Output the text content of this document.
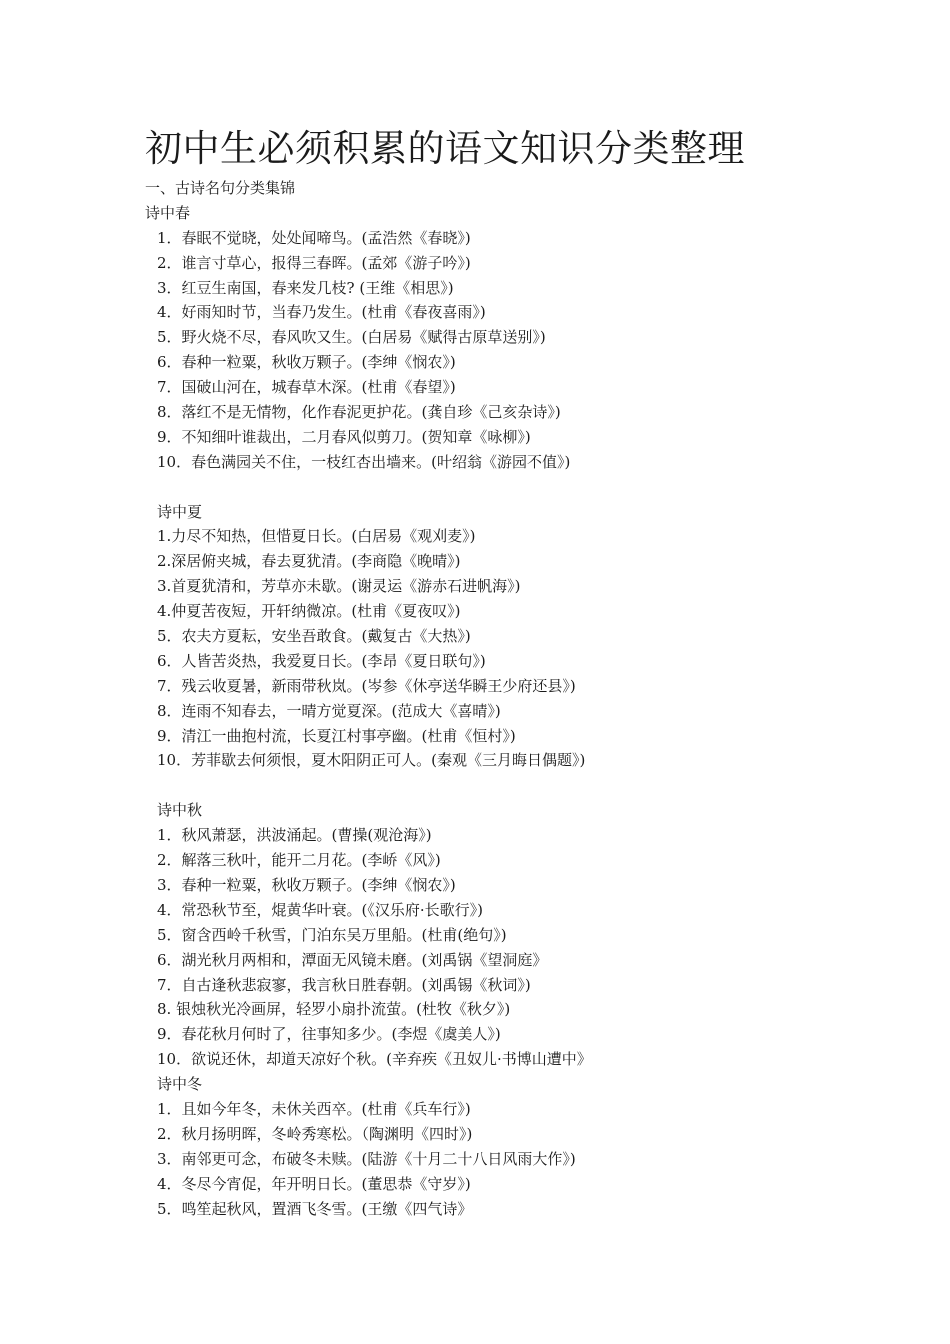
初中生必须积累的语文知识分类整理
一、古诗名句分类集锦
诗中春
1．春眠不觉晓，处处闻啼鸟。(孟浩然《春晓》)
2．谁言寸草心，报得三春晖。(孟郊《游子吟》)
3．红豆生南国，春来发几枝? (王维《相思》)
4．好雨知时节，当春乃发生。(杜甫《春夜喜雨》)
5．野火烧不尽，春风吹又生。(白居易《赋得古原草送别》)
6．春种一粒粟，秋收万颗子。(李绅《悯农》)
7．国破山河在，城春草木深。(杜甫《春望》)
8．落红不是无情物，化作春泥更护花。(龚自珍《己亥杂诗》)
9．不知细叶谁裁出，二月春风似剪刀。(贺知章《咏柳》)
10．春色满园关不住，一枝红杏出墙来。(叶绍翁《游园不值》)
诗中夏
1.力尽不知热，但惜夏日长。(白居易《观刈麦》)
2.深居俯夹城，春去夏犹清。(李商隐《晚晴》)
3.首夏犹清和，芳草亦未歇。(谢灵运《游赤石进帆海》)
4.仲夏苦夜短，开轩纳微凉。(杜甫《夏夜叹》)
5．农夫方夏耘，安坐吾敢食。(戴复古《大热》)
6．人皆苦炎热，我爱夏日长。(李昂《夏日联句》)
7．残云收夏暑，新雨带秋岚。(岑参《休亭送华瞬王少府还县》)
8．连雨不知春去，一晴方觉夏深。(范成大《喜晴》)
9．清江一曲抱村流，长夏江村事亭幽。(杜甫《恒村》)
10．芳菲歇去何须恨，夏木阳阴正可人。(秦观《三月晦日偶题》)
诗中秋
1．秋风萧瑟，洪波涌起。(曹操(观沧海》)
2．解落三秋叶，能开二月花。(李峤《风》)
3．春种一粒粟，秋收万颗子。(李绅《悯农》)
4．常恐秋节至，焜黄华叶衰。(《汉乐府·长歌行》)
5．窗含西岭千秋雪，门泊东吴万里船。(杜甫(绝句》)
6．湖光秋月两相和，潭面无风镜未磨。(刘禹锅《望洞庭》
7．自古逢秋悲寂寥，我言秋日胜春朝。(刘禹锡《秋词》)
8. 银烛秋光冷画屏，轻罗小扇扑流萤。(杜牧《秋夕》)
9．春花秋月何时了，往事知多少。(李煜《虞美人》)
10．欲说还休，却道天凉好个秋。(辛弃疾《丑奴儿·书博山遭中》
诗中冬
1．且如今年冬，未休关西卒。(杜甫《兵车行》)
2．秋月扬明晖，冬岭秀寒松。（陶渊明《四时》)
3．南邻更可念，布破冬未赎。(陆游《十月二十八日风雨大作》)
4．冬尽今宵促，年开明日长。(董思恭《守岁》)
5．鸣笙起秋风，置酒飞冬雪。(王缴《四气诗》
